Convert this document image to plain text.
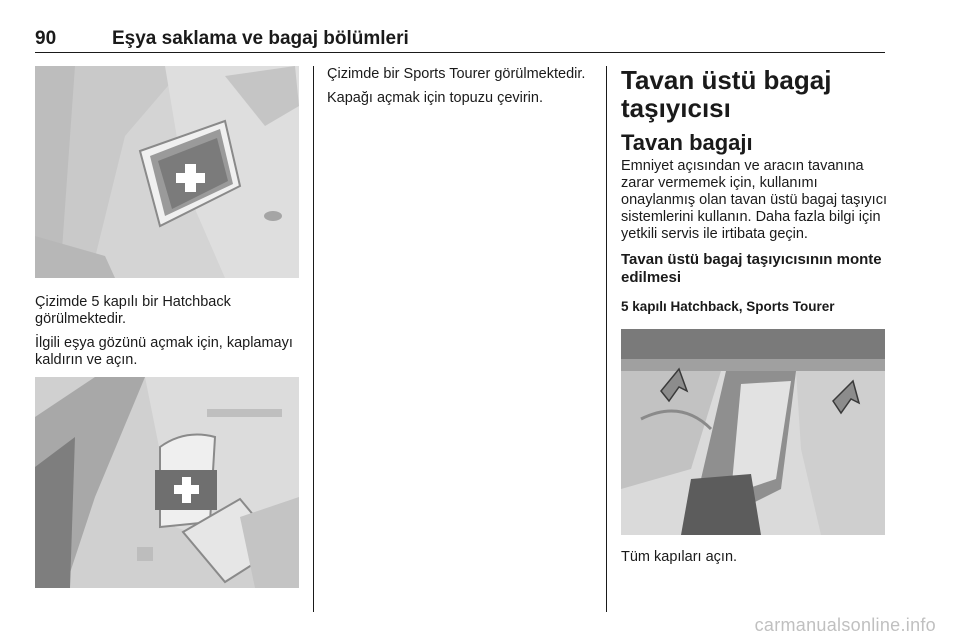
90	Eşya saklama ve bagaj bölümleri

Çizimde 5 kapılı bir Hatchback görülmektedir.

İlgili eşya gözünü açmak için, kaplamayı kaldırın ve açın.

Çizimde bir Sports Tourer görülmektedir.

Kapağı açmak için topuzu çevirin.

Tavan üstü bagaj taşıyıcısı
Tavan bagajı

Emniyet açısından ve aracın tavanına zarar vermemek için, kullanımı onaylanmış olan tavan üstü bagaj taşıyıcı sistemlerini kullanın. Daha fazla bilgi için yetkili servis ile irtibata geçin.

Tavan üstü bagaj taşıyıcısının monte edilmesi
5 kapılı Hatchback, Sports Tourer

Tüm kapıları açın.

carmanualsonline.info
